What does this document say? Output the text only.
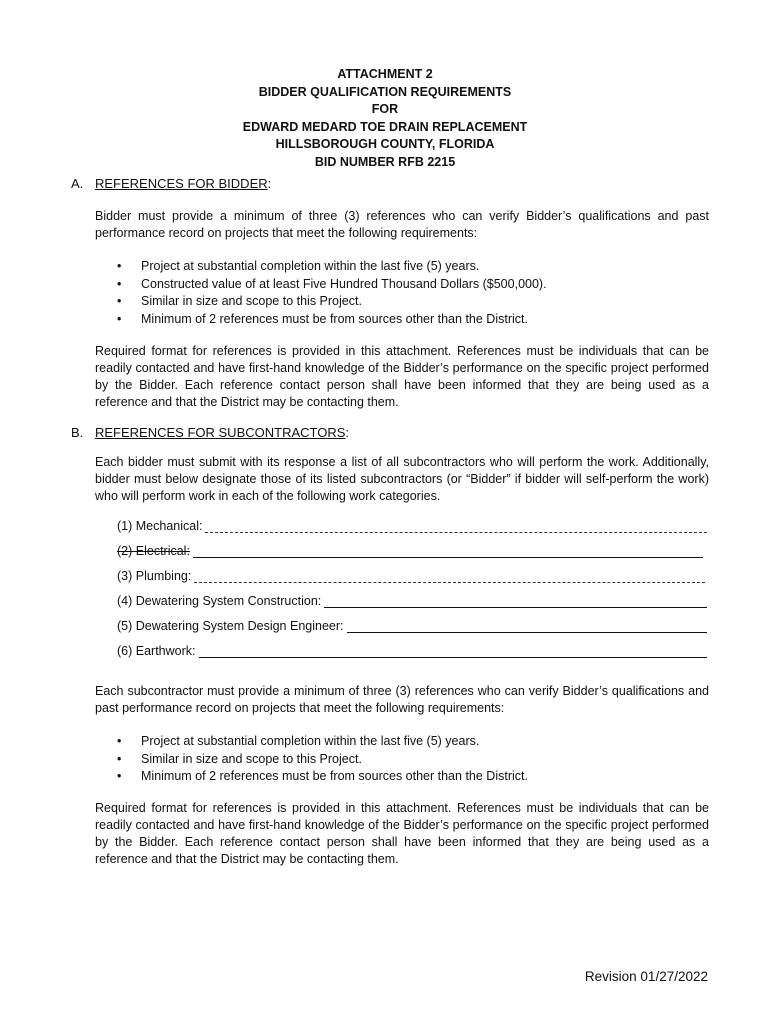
ATTACHMENT 2
BIDDER QUALIFICATION REQUIREMENTS
FOR
EDWARD MEDARD TOE DRAIN REPLACEMENT
HILLSBOROUGH COUNTY, FLORIDA
BID NUMBER RFB 2215
A. REFERENCES FOR BIDDER:
Bidder must provide a minimum of three (3) references who can verify Bidder’s qualifications and past performance record on projects that meet the following requirements:
• Project at substantial completion within the last five (5) years.
• Constructed value of at least Five Hundred Thousand Dollars ($500,000).
• Similar in size and scope to this Project.
• Minimum of 2 references must be from sources other than the District.
Required format for references is provided in this attachment. References must be individuals that can be readily contacted and have first-hand knowledge of the Bidder’s performance on the specific project performed by the Bidder. Each reference contact person shall have been informed that they are being used as a reference and that the District may be contacting them.
B. REFERENCES FOR SUBCONTRACTORS:
Each bidder must submit with its response a list of all subcontractors who will perform the work. Additionally, bidder must below designate those of its listed subcontractors (or “Bidder” if bidder will self-perform the work) who will perform work in each of the following work categories.
(1) Mechanical:
(2) Electrical:
(3) Plumbing:
(4) Dewatering System Construction:
(5) Dewatering System Design Engineer:
(6) Earthwork:
Each subcontractor must provide a minimum of three (3) references who can verify Bidder’s qualifications and past performance record on projects that meet the following requirements:
• Project at substantial completion within the last five (5) years.
• Similar in size and scope to this Project.
• Minimum of 2 references must be from sources other than the District.
Required format for references is provided in this attachment. References must be individuals that can be readily contacted and have first-hand knowledge of the Bidder’s performance on the specific project performed by the Bidder. Each reference contact person shall have been informed that they are being used as a reference and that the District may be contacting them.
Revision 01/27/2022
